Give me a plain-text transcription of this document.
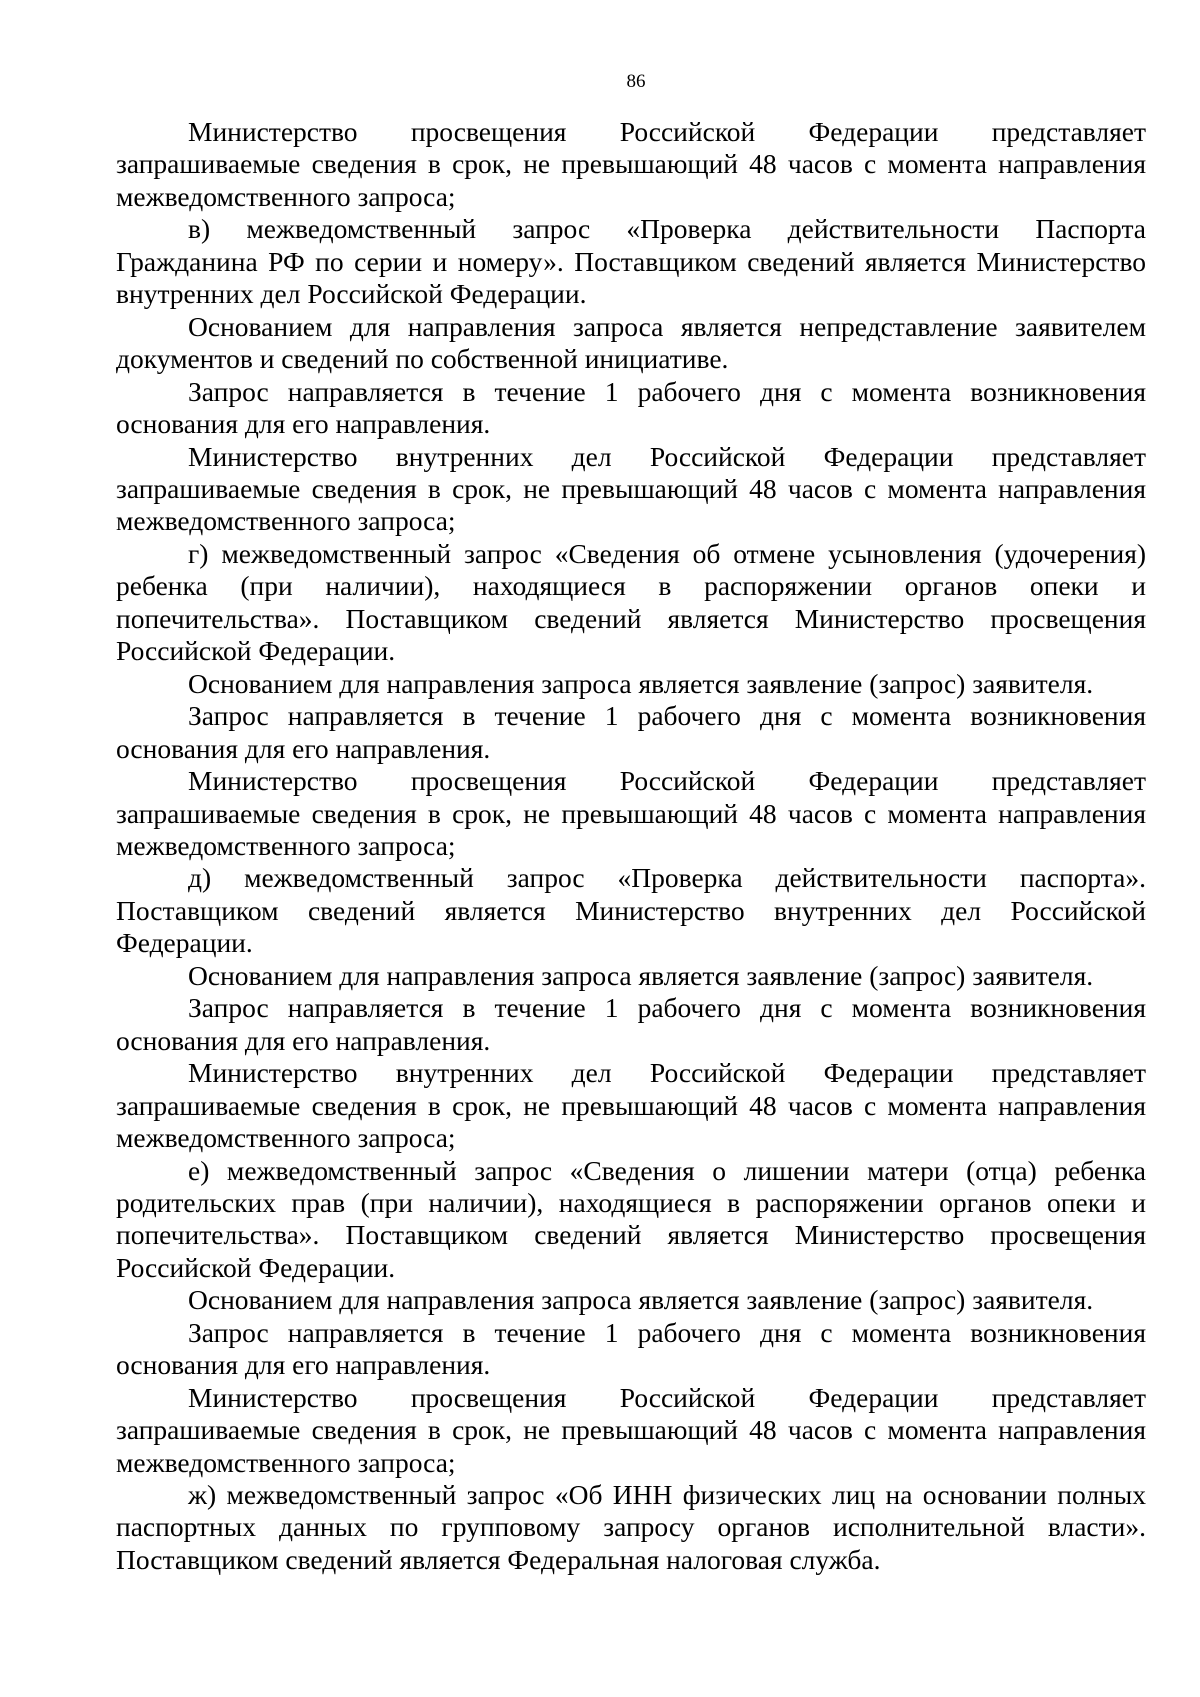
86

Министерство просвещения Российской Федерации представляет запрашиваемые сведения в срок, не превышающий 48 часов с момента направления межведомственного запроса;

в) межведомственный запрос «Проверка действительности Паспорта Гражданина РФ по серии и номеру». Поставщиком сведений является Министерство внутренних дел Российской Федерации.

Основанием для направления запроса является непредставление заявителем документов и сведений по собственной инициативе.

Запрос направляется в течение 1 рабочего дня с момента возникновения основания для его направления.

Министерство внутренних дел Российской Федерации представляет запрашиваемые сведения в срок, не превышающий 48 часов с момента направления межведомственного запроса;

г) межведомственный запрос «Сведения об отмене усыновления (удочерения) ребенка (при наличии), находящиеся в распоряжении органов опеки и попечительства». Поставщиком сведений является Министерство просвещения Российской Федерации.

Основанием для направления запроса является заявление (запрос) заявителя.

Запрос направляется в течение 1 рабочего дня с момента возникновения основания для его направления.

Министерство просвещения Российской Федерации представляет запрашиваемые сведения в срок, не превышающий 48 часов с момента направления межведомственного запроса;

д) межведомственный запрос «Проверка действительности паспорта». Поставщиком сведений является Министерство внутренних дел Российской Федерации.

Основанием для направления запроса является заявление (запрос) заявителя.

Запрос направляется в течение 1 рабочего дня с момента возникновения основания для его направления.

Министерство внутренних дел Российской Федерации представляет запрашиваемые сведения в срок, не превышающий 48 часов с момента направления межведомственного запроса;

е) межведомственный запрос «Сведения о лишении матери (отца) ребенка родительских прав (при наличии), находящиеся в распоряжении органов опеки и попечительства». Поставщиком сведений является Министерство просвещения Российской Федерации.

Основанием для направления запроса является заявление (запрос) заявителя.

Запрос направляется в течение 1 рабочего дня с момента возникновения основания для его направления.

Министерство просвещения Российской Федерации представляет запрашиваемые сведения в срок, не превышающий 48 часов с момента направления межведомственного запроса;

ж) межведомственный запрос «Об ИНН физических лиц на основании полных паспортных данных по групповому запросу органов исполнительной власти». Поставщиком сведений является Федеральная налоговая служба.
